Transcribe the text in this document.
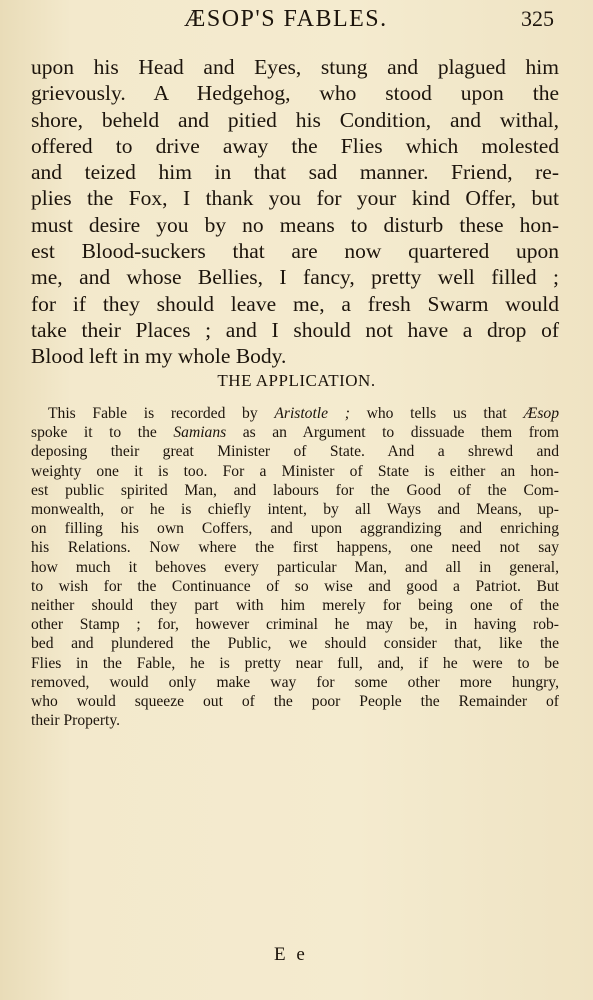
ÆSOP'S FABLES.	325
upon his Head and Eyes, stung and plagued him
grievously. A Hedgehog, who stood upon the
shore, beheld and pitied his Condition, and withal,
offered to drive away the Flies which molested
and teized him in that sad manner. Friend, re-
plies the Fox, I thank you for your kind Offer, but
must desire you by no means to disturb these hon-
est Blood-suckers that are now quartered upon
me, and whose Bellies, I fancy, pretty well filled ;
for if they should leave me, a fresh Swarm would
take their Places ; and I should not have a drop of
Blood left in my whole Body.
THE APPLICATION.
This Fable is recorded by Aristotle ; who tells us that Æsop
spoke it to the Samians as an Argument to dissuade them from
deposing their great Minister of State. And a shrewd and
weighty one it is too. For a Minister of State is either an hon-
est public spirited Man, and labours for the Good of the Com-
monwealth, or he is chiefly intent, by all Ways and Means, up-
on filling his own Coffers, and upon aggrandizing and enriching
his Relations. Now where the first happens, one need not say
how much it behoves every particular Man, and all in general,
to wish for the Continuance of so wise and good a Patriot. But
neither should they part with him merely for being one of the
other Stamp ; for, however criminal he may be, in having rob-
bed and plundered the Public, we should consider that, like the
Flies in the Fable, he is pretty near full, and, if he were to be
removed, would only make way for some other more hungry,
who would squeeze out of the poor People the Remainder of
their Property.
E e
